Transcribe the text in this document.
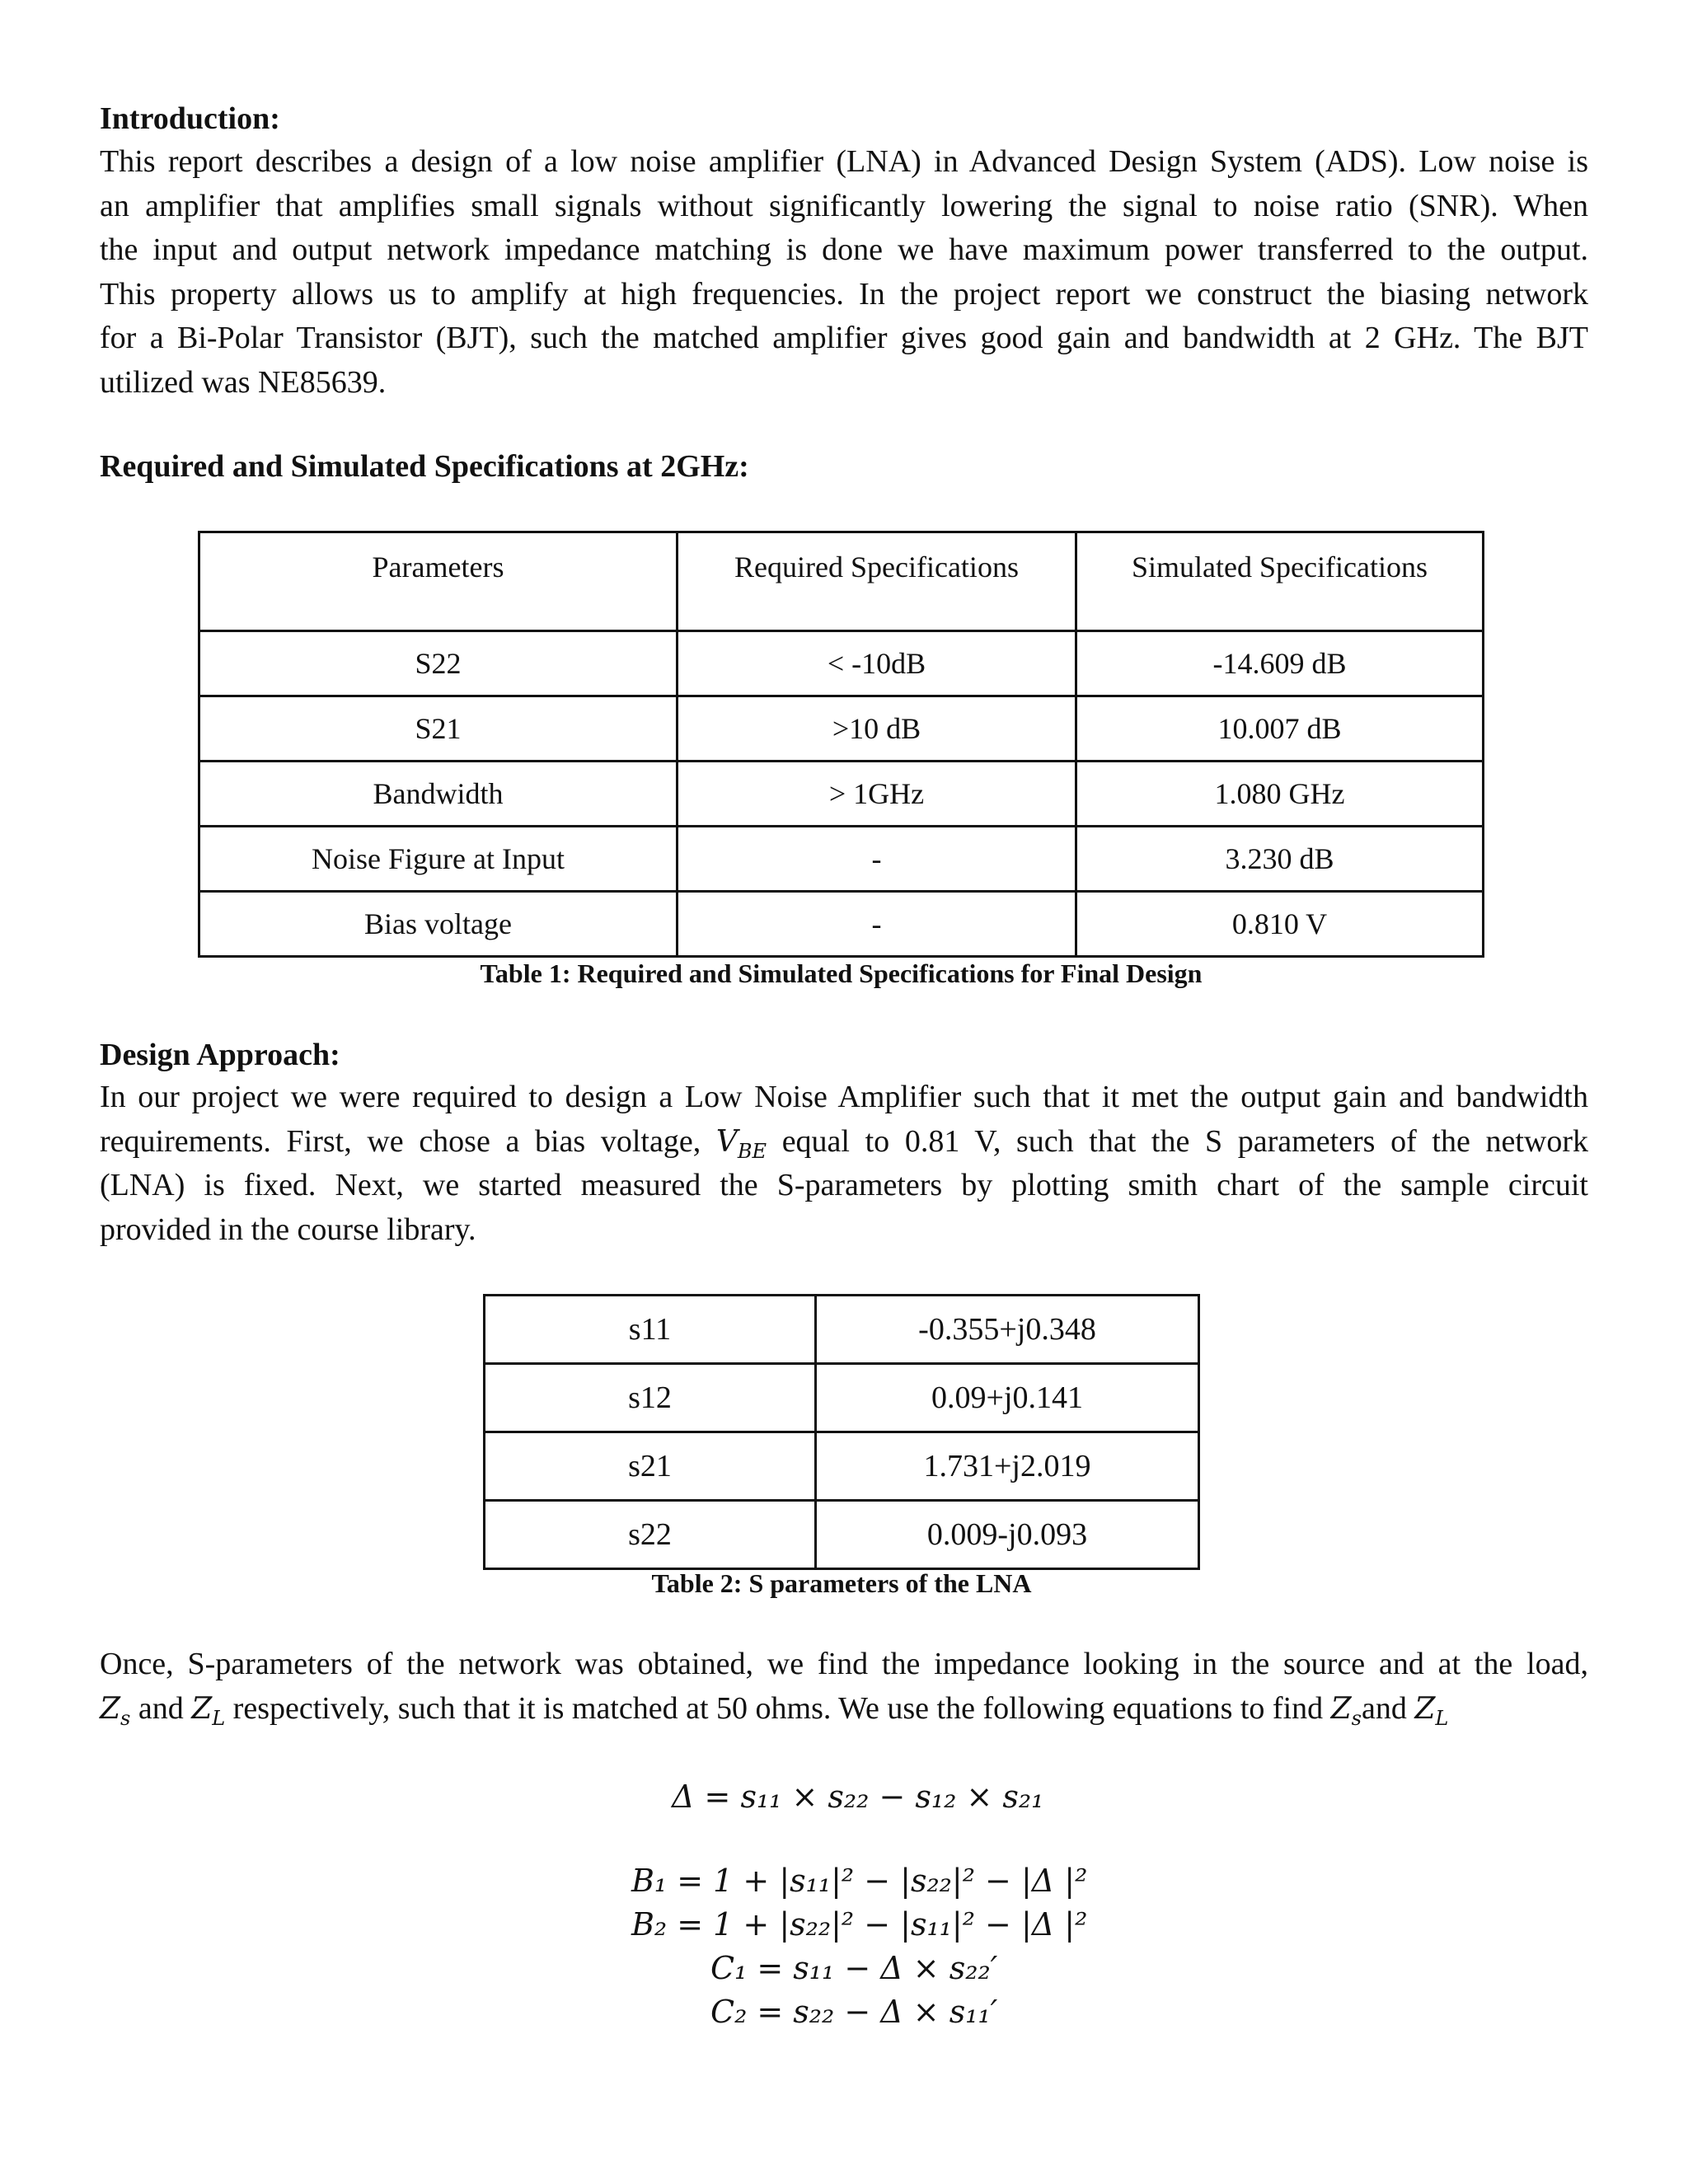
Introduction:
This report describes a design of a low noise amplifier (LNA) in Advanced Design System (ADS). Low noise is
an amplifier that amplifies small signals without significantly lowering the signal to noise ratio (SNR). When
the input and output network impedance matching is done we have maximum power transferred to the output.
This property allows us to amplify at high frequencies. In the project report we construct the biasing network
for a Bi-Polar Transistor (BJT), such the matched amplifier gives good gain and bandwidth at 2 GHz. The BJT
utilized was NE85639.
Required and Simulated Specifications at 2GHz:
Parameters	Required Specifications	Simulated Specifications
S22	< -10dB	-14.609 dB
S21	>10 dB	10.007 dB
Bandwidth	> 1GHz	1.080 GHz
Noise Figure at Input	-	3.230 dB
Bias voltage	-	0.810 V
Table 1: Required and Simulated Specifications for Final Design
Design Approach:
In our project we were required to design a Low Noise Amplifier such that it met the output gain and bandwidth
requirements. First, we chose a bias voltage, $V_{BE}$ equal to 0.81 V, such that the S parameters of the network
(LNA) is fixed. Next, we started measured the S-parameters by plotting smith chart of the sample circuit
provided in the course library.
s11	-0.355+j0.348
s12	0.09+j0.141
s21	1.731+j2.019
s22	0.009-j0.093
Table 2: S parameters of the LNA
Once, S-parameters of the network was obtained, we find the impedance looking in the source and at the load,
$Z_s$ and $Z_L$ respectively, such that it is matched at 50 ohms. We use the following equations to find $Z_sand$ $Z_L$
Δ = s₁₁ × s₂₂ − s₁₂ × s₂₁
B₁ = 1 + |s₁₁|² − |s₂₂|² − |Δ |²
B₂ = 1 + |s₂₂|² − |s₁₁|² − |Δ |²
C₁ = s₁₁ − Δ × s₂₂′
C₂ = s₂₂ − Δ × s₁₁′
